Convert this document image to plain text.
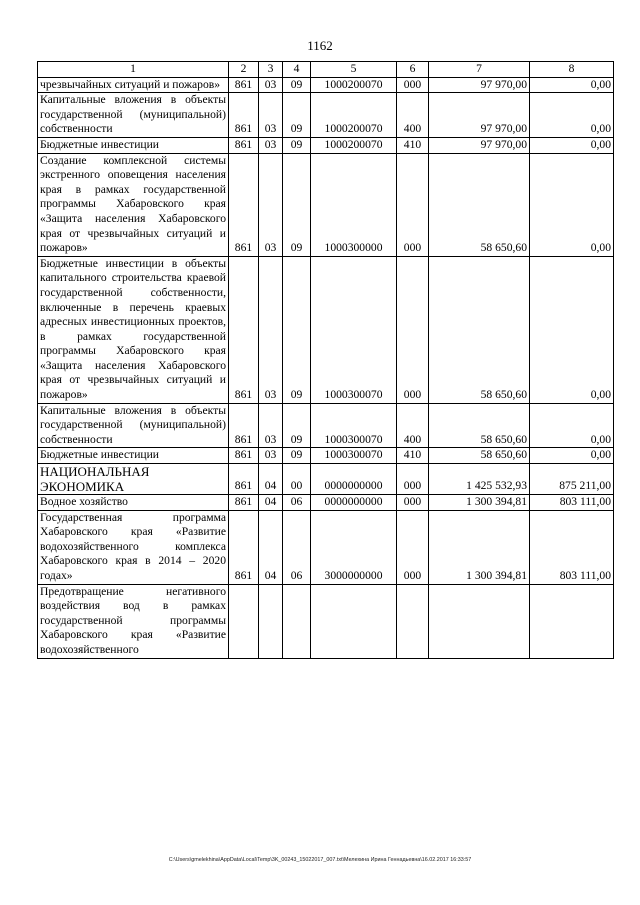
1162
1	2	3	4	5	6	7	8
чрезвычайных ситуаций и пожаров»	861	03	09	1000200070	000	97 970,00	0,00
Капитальные вложения в объекты государственной (муниципальной) собственности	861	03	09	1000200070	400	97 970,00	0,00
Бюджетные инвестиции	861	03	09	1000200070	410	97 970,00	0,00
Создание комплексной системы экстренного оповещения населения края в рамках государственной программы Хабаровского края «Защита населения Хабаровского края от чрезвычайных ситуаций и пожаров»	861	03	09	1000300000	000	58 650,60	0,00
Бюджетные инвестиции в объекты капитального строительства краевой государственной собственности, включенные в перечень краевых адресных инвестиционных проектов, в рамках государственной программы Хабаровского края «Защита населения Хабаровского края от чрезвычайных ситуаций и пожаров»	861	03	09	1000300070	000	58 650,60	0,00
Капитальные вложения в объекты государственной (муниципальной) собственности	861	03	09	1000300070	400	58 650,60	0,00
Бюджетные инвестиции	861	03	09	1000300070	410	58 650,60	0,00
НАЦИОНАЛЬНАЯ ЭКОНОМИКА	861	04	00	0000000000	000	1 425 532,93	875 211,00
Водное хозяйство	861	04	06	0000000000	000	1 300 394,81	803 111,00
Государственная программа Хабаровского края «Развитие водохозяйственного комплекса Хабаровского края в 2014 – 2020 годах»	861	04	06	3000000000	000	1 300 394,81	803 111,00
Предотвращение негативного воздействия вод в рамках государственной программы Хабаровского края «Развитие водохозяйственного							
C:\Users\gmelekhina\AppData\Local\Temp\3K_00243_15022017_007.txt\Мелехина Ирина Геннадьевна\16.02.2017 16:33:57
